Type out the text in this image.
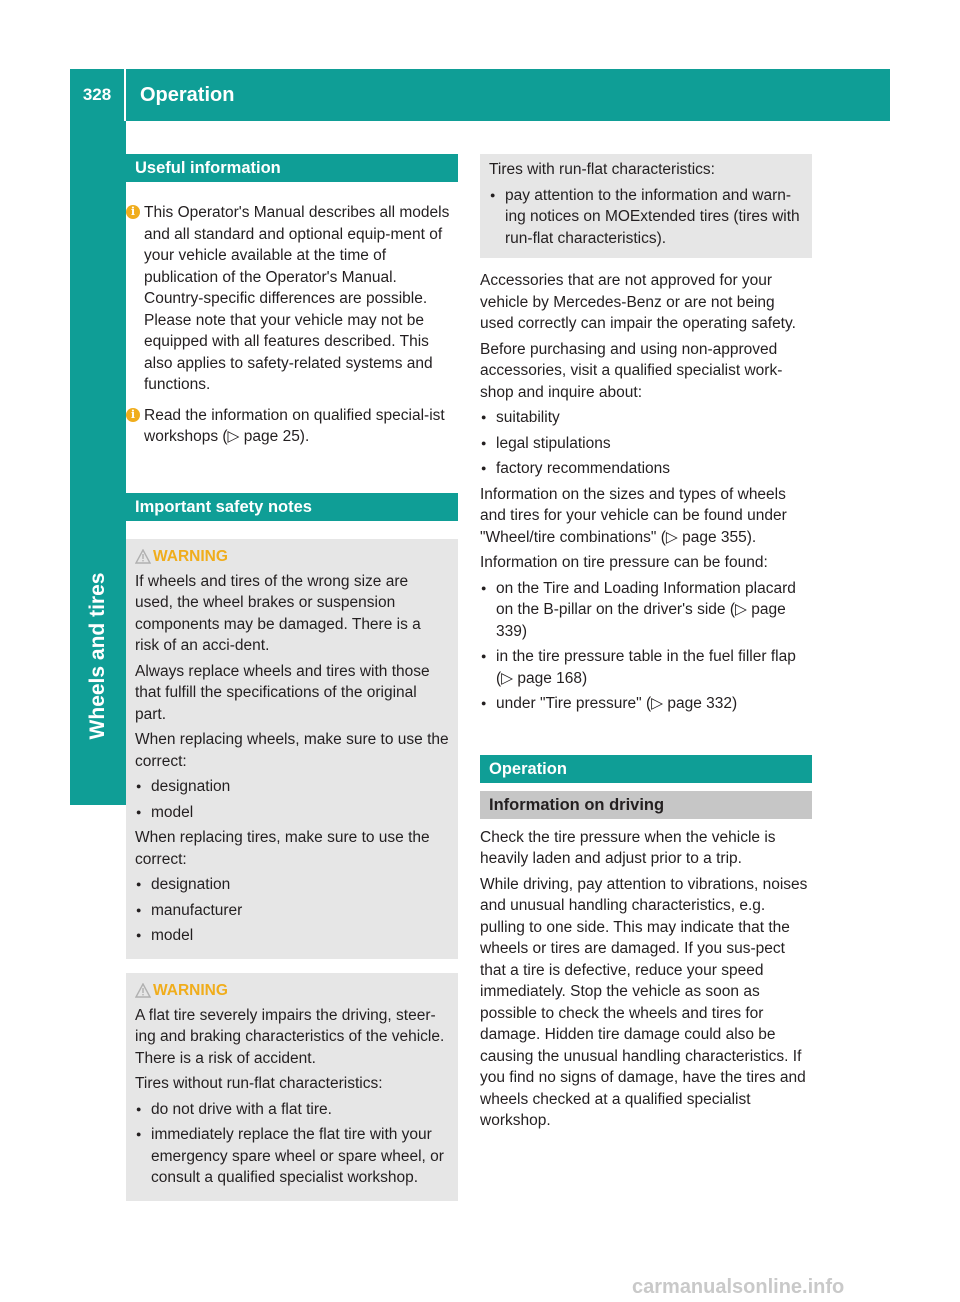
328	Operation
Wheels and tires
Useful information
i This Operator's Manual describes all models and all standard and optional equip-ment of your vehicle available at the time of publication of the Operator's Manual. Country-specific differences are possible. Please note that your vehicle may not be equipped with all features described. This also applies to safety-related systems and functions.
i Read the information on qualified special-ist workshops (▷ page 25).
Important safety notes
WARNING

If wheels and tires of the wrong size are used, the wheel brakes or suspension components may be damaged. There is a risk of an acci-dent.

Always replace wheels and tires with those that fulfill the specifications of the original part.

When replacing wheels, make sure to use the correct:

● designation
● model

When replacing tires, make sure to use the correct:

● designation
● manufacturer
● model
WARNING

A flat tire severely impairs the driving, steer-ing and braking characteristics of the vehicle. There is a risk of accident.

Tires without run-flat characteristics:

● do not drive with a flat tire.
● immediately replace the flat tire with your emergency spare wheel or spare wheel, or consult a qualified specialist workshop.

Tires with run-flat characteristics:

● pay attention to the information and warn-ing notices on MOExtended tires (tires with run-flat characteristics).

Accessories that are not approved for your vehicle by Mercedes-Benz or are not being used correctly can impair the operating safety.

Before purchasing and using non-approved accessories, visit a qualified specialist work-shop and inquire about:

● suitability
● legal stipulations
● factory recommendations

Information on the sizes and types of wheels and tires for your vehicle can be found under "Wheel/tire combinations" (▷ page 355).

Information on tire pressure can be found:

● on the Tire and Loading Information placard on the B-pillar on the driver's side (▷ page 339)
● in the tire pressure table in the fuel filler flap (▷ page 168)
● under "Tire pressure" (▷ page 332)
Operation
Information on driving

Check the tire pressure when the vehicle is heavily laden and adjust prior to a trip.

While driving, pay attention to vibrations, noises and unusual handling characteristics, e.g. pulling to one side. This may indicate that the wheels or tires are damaged. If you sus-pect that a tire is defective, reduce your speed immediately. Stop the vehicle as soon as possible to check the wheels and tires for damage. Hidden tire damage could also be causing the unusual handling characteristics. If you find no signs of damage, have the tires and wheels checked at a qualified specialist workshop.

carmanualsonline.info
